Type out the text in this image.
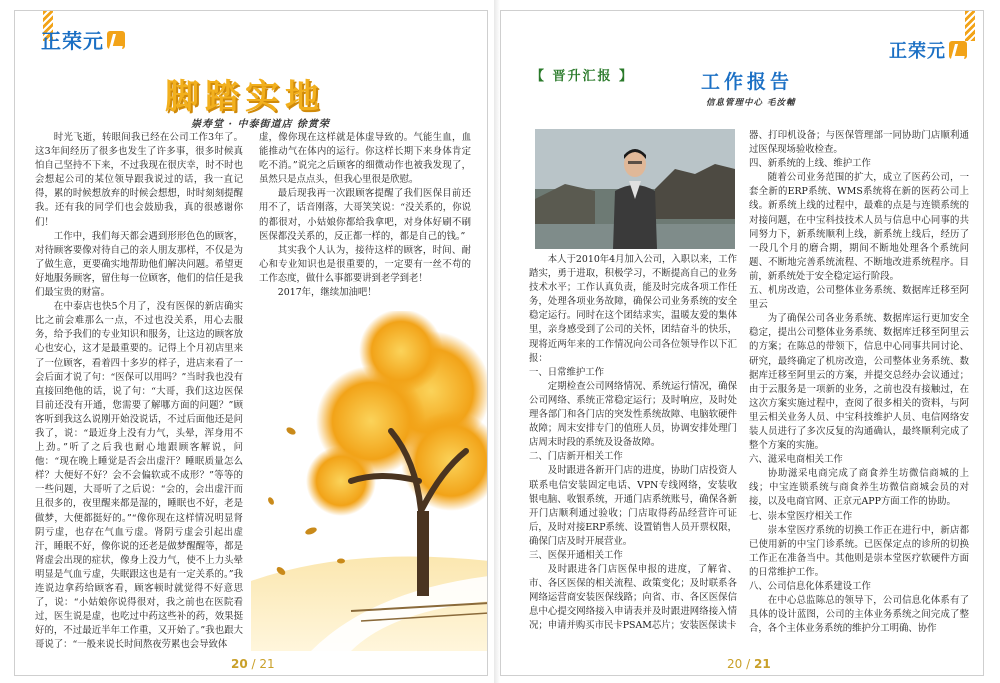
正荣元
脚踏实地
崇寿堂 · 中泰街道店 徐赏荣

时光飞逝，转眼间我已经在公司工作3年了。这3年间经历了很多也发生了许多事，很多时候真怕自己坚持不下来，不过我现在很庆幸，时不时也会想起公司的某位领导跟我说过的话，我一直记得，累的时候想放弃的时候会想想，时时刻刻提醒我。还有我的同学们也会鼓励我，真的很感谢你们！

工作中，我们每天都会遇到形形色色的顾客，对待顾客要像对待自己的亲人朋友那样，不仅是为了做生意，更要确实地帮助他们解决问题。希望更好地服务顾客，留住每一位顾客，他们的信任是我们最宝贵的财富。

在中泰店也快5个月了，没有医保的新店确实比之前会难那么一点，不过也没关系，用心去服务，给予我们的专业知识和服务，让这边的顾客放心也安心，这才是最重要的。记得上个月初店里来了一位顾客，看着四十多岁的样子，进店来看了一会后面才说了句：“医保可以用吗？”当时我也没有直接回绝他的话，说了句：“大哥，我们这边医保目前还没有开通，您需要了解哪方面的问题？”顾客听到我这么说刚开始没说话，不过后面他还是问我了，说：“最近身上没有力气，头晕，浑身用不上劲。”听了之后我也耐心地跟顾客解说，问他：“现在晚上睡觉是否会出虚汗？睡眠质量怎么样？大便好不好？会不会偏软或不成形？”等等的一些问题，大哥听了之后说：“会的，会出虚汗而且很多的，夜里醒来都是湿的，睡眠也不好，老是做梦，大便都挺好的。”“像你现在这样情况明显肾阴亏虚，也存在气血亏虚。肾阴亏虚会引起出虚汗，睡眠不好，像你说的还老是做梦醒醒等，都是肾虚会出现的症状，像身上没力气，使不上力头晕明显是气血亏虚，失眠跟这也是有一定关系的。”我连说边拿药给顾客看，顾客顿时就觉得不好意思了，说：“小姑娘你说得很对，我之前也在医院看过，医生说是虚，也吃过中药这些补的药，效果挺好的，不过最近半年工作重，又开始了。”我也跟大哥说了：“一般来说长时间熬夜劳累也会导致体

虚，像你现在这样就是体虚导致的。气能生血，血能推动气在体内的运行。你这样长期下来身体肯定吃不消。”说完之后顾客的细微动作也被我发现了，虽然只是点点头，但我心里很是欣慰。

最后现我再一次跟顾客提醒了我们医保目前还用不了，话音刚落，大哥笑笑说：“没关系的，你说的都很对，小姑娘你都给我拿吧，对身体好刷不刷医保都没关系的，反正都一样的，都是自己的钱。”

其实我个人认为，接待这样的顾客，时间、耐心和专业知识也是很重要的，一定要有一丝不苟的工作态度，做什么事都要讲到老学到老！

2017年，继续加油吧！

20 / 21
正荣元
【 晋升汇报 】	工作报告
信息管理中心 毛汝輔

本人于2010年4月加入公司，入职以来，工作踏实，勇于进取，积极学习，不断提高自己的业务技术水平；工作认真负责，能及时完成各项工作任务，处理各项业务故障，确保公司业务系统的安全稳定运行。同时在这个团结求实，温暖友爱的集体里，亲身感受到了公司的关怀，团结奋斗的快乐，现将近两年来的工作情况向公司各位领导作以下汇报：

一、日常维护工作

定期检查公司网络情况、系统运行情况，确保公司网络、系统正常稳定运行；及时响应，及时处理各部门和各门店的突发性系统故障、电脑软硬件故障；周末安排专门的值班人员，协调安排处理门店周末时段的系统及设备故障。

二、门店新开相关工作

及时跟进各新开门店的进度，协助门店投资人联系电信安装固定电话、VPN专线网络，安装收银电脑、收银系统，开通门店系统账号，确保各新开门店顺利通过验收；门店取得药品经营许可证后，及时对接ERP系统、设置销售人员开票权限，确保门店及时开展营业。

三、医保开通相关工作

及时跟进各门店医保申报的进度，了解省、市、各区医保的相关流程、政策变化；及时联系各网络运营商安装医保线路；向省、市、各区医保信息中心提交网络接入申请表并及时跟进网络接入情况；申请并购买市民卡PSAM芯片；安装医保读卡

器、打印机设备；与医保管理部一同协助门店顺利通过医保现场验收检查。

四、新系统的上线、维护工作

随着公司业务范围的扩大，成立了医药公司，一套全新的ERP系统、WMS系统将在新的医药公司上线。新系统上线的过程中，最难的点是与连锁系统的对接问题，在中宝科技技术人员与信息中心同事的共同努力下，新系统顺利上线，新系统上线后，经历了一段几个月的磨合期，期间不断地处理各个系统问题、不断地完善系统流程、不断地改进系统程序。目前，新系统处于安全稳定运行阶段。

五、机房改造，公司整体业务系统、数据库迁移至阿里云

为了确保公司各业务系统、数据库运行更加安全稳定，提出公司整体业务系统、数据库迁移至阿里云的方案；在陈总的带领下，信息中心同事共同讨论、研究，最终确定了机房改造，公司整体业务系统、数据库迁移至阿里云的方案，并提交总经办会议通过；由于云服务是一项新的业务，之前也没有接触过，在这次方案实施过程中，查阅了很多相关的资料，与阿里云相关业务人员、中宝科技维护人员、电信网络安装人员进行了多次反复的沟通确认，最终顺利完成了整个方案的实施。

六、滋采电商相关工作

协助滋采电商完成了商食养生坊微信商城的上线；中宝连锁系统与商食养生坊微信商城会员的对接，以及电商官网、正京元APP方面工作的协助。

七、崇本堂医疗相关工作

崇本堂医疗系统的切换工作正在进行中，新店都已使用新的中宝门诊系统。已医保定点的诊所的切换工作正在准备当中。其他则是崇本堂医疗软硬件方面的日常维护工作。

八、公司信息化体系建设工作

在中心总监陈总的领导下，公司信息化体系有了具体的设计蓝图，公司的主体业务系统之间完成了整合，各个主体业务系统的维护分工明确、协作

20 / 21
